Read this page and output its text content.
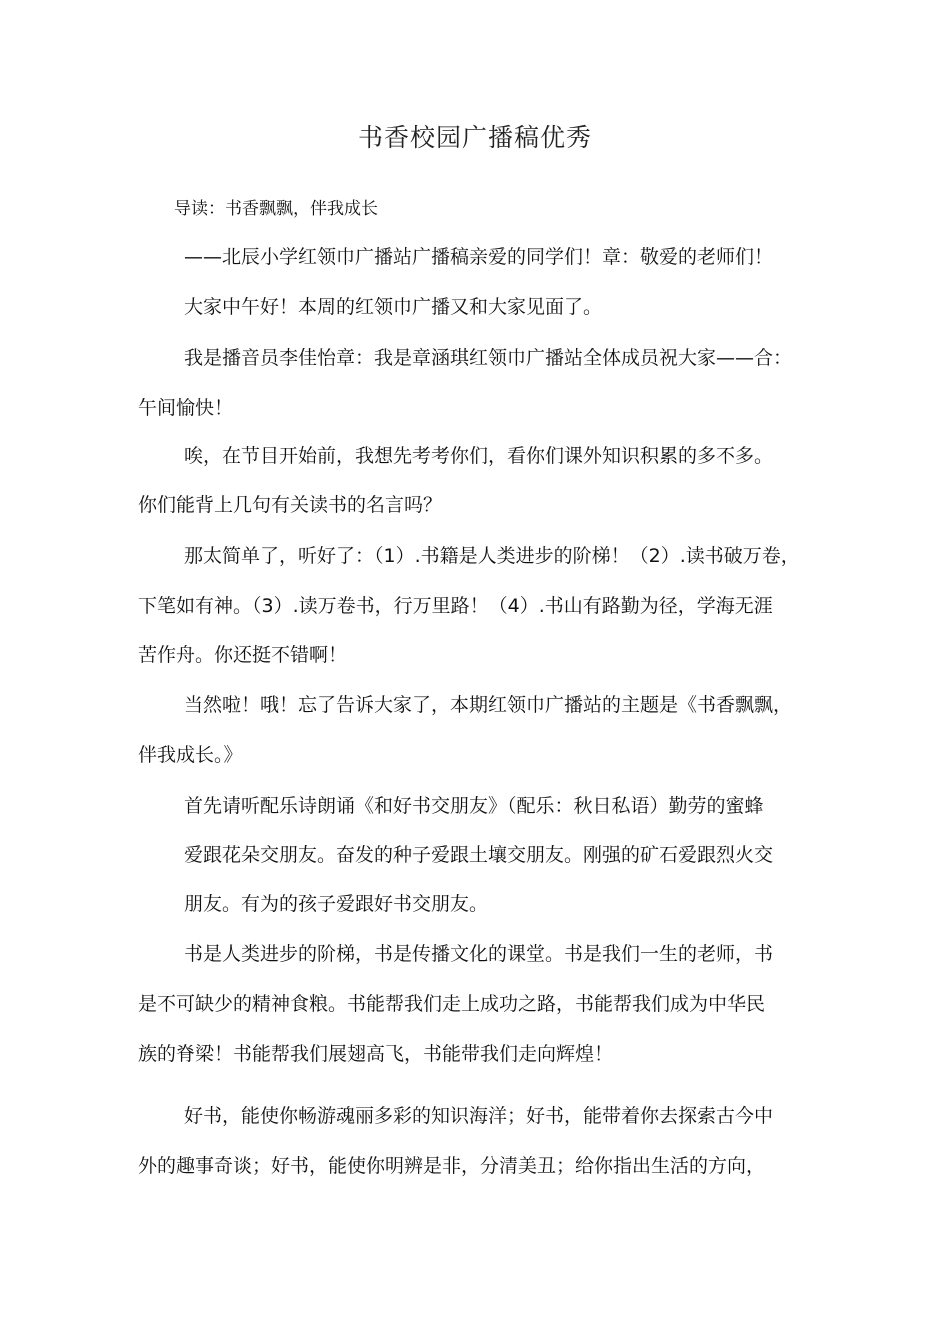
书香校园广播稿优秀
导读：书香飘飘，伴我成长
——北辰小学红领巾广播站广播稿亲爱的同学们！章：敬爱的老师们！
大家中午好！本周的红领巾广播又和大家见面了。
我是播音员李佳怡章：我是章涵琪红领巾广播站全体成员祝大家——合：
午间愉快！
唉，在节目开始前，我想先考考你们，看你们课外知识积累的多不多。
你们能背上几句有关读书的名言吗？
那太简单了，听好了：（1）.书籍是人类进步的阶梯！（2）.读书破万卷，
下笔如有神。（3）.读万卷书，行万里路！（4）.书山有路勤为径，学海无涯
苦作舟。你还挺不错啊！
当然啦！哦！忘了告诉大家了，本期红领巾广播站的主题是《书香飘飘，
伴我成长。》
首先请听配乐诗朗诵《和好书交朋友》（配乐：秋日私语）勤劳的蜜蜂
爱跟花朵交朋友。奋发的种子爱跟土壤交朋友。刚强的矿石爱跟烈火交
朋友。有为的孩子爱跟好书交朋友。
书是人类进步的阶梯，书是传播文化的课堂。书是我们一生的老师，书
是不可缺少的精神食粮。书能帮我们走上成功之路，书能帮我们成为中华民
族的脊梁！书能帮我们展翅高飞，书能带我们走向辉煌！
好书，能使你畅游魂丽多彩的知识海洋；好书，能带着你去探索古今中
外的趣事奇谈；好书，能使你明辨是非，分清美丑；给你指出生活的方向，
